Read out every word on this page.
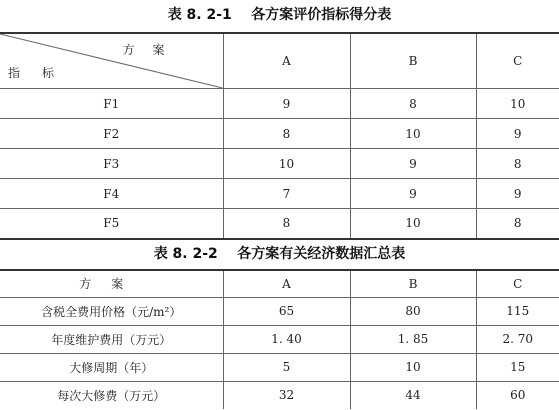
表 8. 2-1    各方案评价指标得分表
方案
指标	A	B	C
F1	9	8	10
F2	8	10	9
F3	10	9	8
F4	7	9	9
F5	8	10	8
表 8. 2-2    各方案有关经济数据汇总表
方案	A	B	C
含税全费用价格（元/m²）	65	80	115
年度维护费用（万元）	1. 40	1. 85	2. 70
大修周期（年）	5	10	15
每次大修费（万元）	32	44	60
